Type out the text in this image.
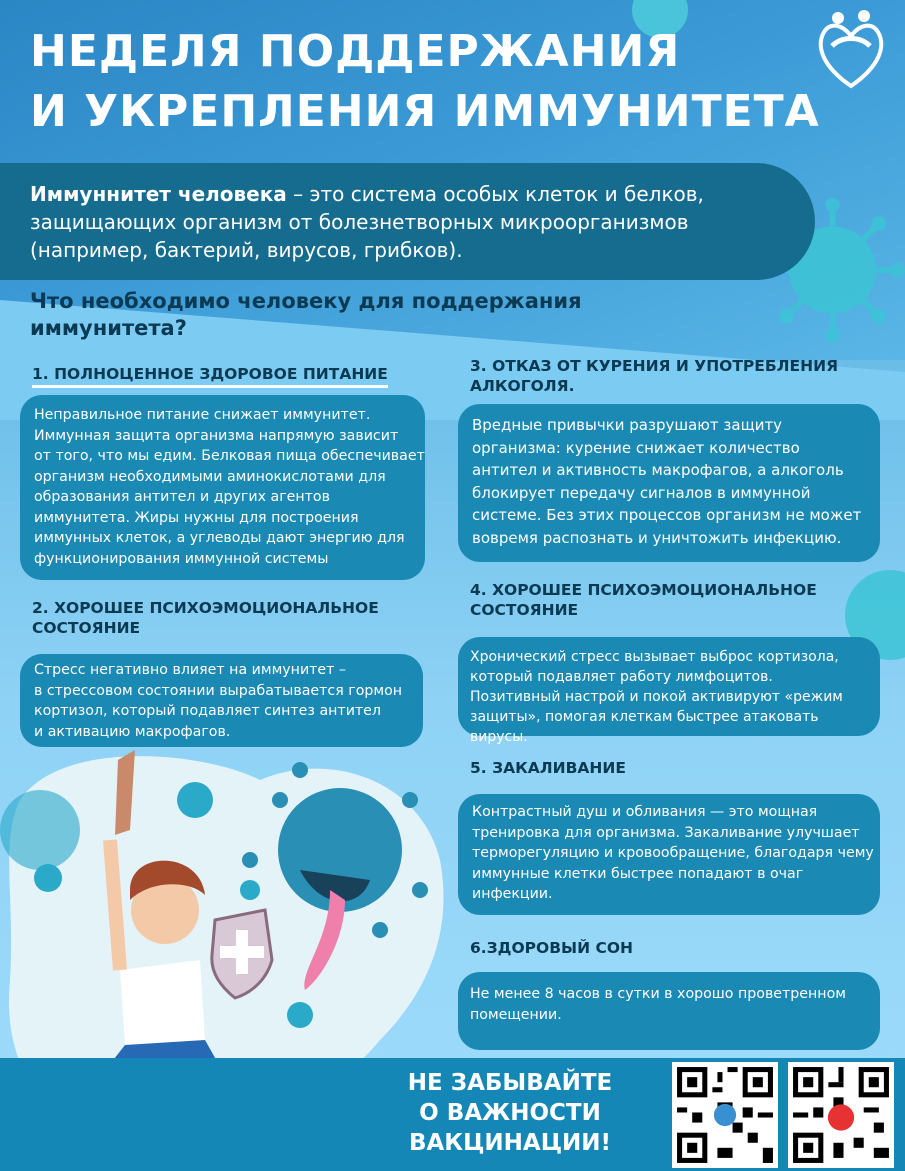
НЕДЕЛЯ ПОДДЕРЖАНИЯ
И УКРЕПЛЕНИЯ ИММУНИТЕТА
Иммуннитет человека – это система особых клеток и белков,
защищающих организм от болезнетворных микроорганизмов
(например, бактерий, вирусов, грибков).
Что необходимо человеку для поддержания
иммунитета?
1. ПОЛНОЦЕННОЕ ЗДОРОВОЕ ПИТАНИЕ
Неправильное питание снижает иммунитет.
Иммунная защита организма напрямую зависит
от того, что мы едим. Белковая пища обеспечивает
организм необходимыми аминокислотами для
образования антител и других агентов
иммунитета. Жиры нужны для построения
иммунных клеток, а углеводы дают энергию для
функционирования иммунной системы
2. ХОРОШЕЕ ПСИХОЭМОЦИОНАЛЬНОЕ
СОСТОЯНИЕ
Стресс негативно влияет на иммунитет –
в стрессовом состоянии вырабатывается гормон
кортизол, который подавляет синтез антител
и активацию макрофагов.
3. ОТКАЗ ОТ КУРЕНИЯ И УПОТРЕБЛЕНИЯ
АЛКОГОЛЯ.
Вредные привычки разрушают защиту
организма: курение снижает количество
антител и активность макрофагов, а алкоголь
блокирует передачу сигналов в иммунной
системе. Без этих процессов организм не может
вовремя распознать и уничтожить инфекцию.
4. ХОРОШЕЕ ПСИХОЭМОЦИОНАЛЬНОЕ
СОСТОЯНИЕ
Хронический стресс вызывает выброс кортизола,
который подавляет работу лимфоцитов.
Позитивный настрой и покой активируют «режим
защиты», помогая клеткам быстрее атаковать вирусы.
5. ЗАКАЛИВАНИЕ
Контрастный душ и обливания — это мощная
тренировка для организма. Закаливание улучшает
терморегуляцию и кровообращение, благодаря чему
иммунные клетки быстрее попадают в очаг
инфекции.
6.ЗДОРОВЫЙ СОН
Не менее 8 часов в сутки в хорошо проветренном
помещении.
НЕ ЗАБЫВАЙТЕ
О ВАЖНОСТИ
ВАКЦИНАЦИИ!
